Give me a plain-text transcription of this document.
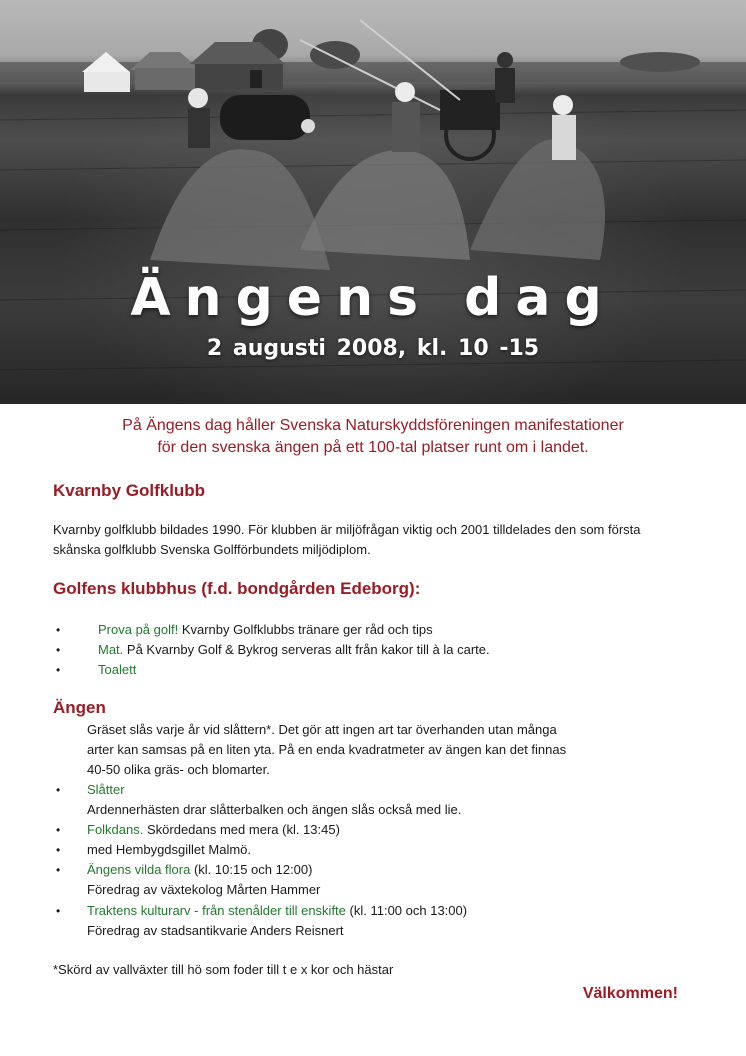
Ängens dag
2 augusti 2008, kl. 10 -15
På Ängens dag håller Svenska Naturskyddsföreningen manifestationer
för den svenska ängen på ett 100-tal platser runt om i landet.
Kvarnby Golfklubb
Kvarnby golfklubb bildades 1990. För klubben är miljöfrågan viktig och 2001 tilldelades den som första
skånska golfklubb Svenska Golfförbundets miljödiplom.
Golfens klubbhus (f.d. bondgården Edeborg):
•	Prova på golf! Kvarnby Golfklubbs tränare ger råd och tips
•	Mat. På Kvarnby Golf & Bykrog serveras allt från kakor till à la carte.
•	Toalett
Ängen
Gräset slås varje år vid slåttern*. Det gör att ingen art tar överhanden utan många
arter kan samsas på en liten yta. På en enda kvadratmeter av ängen kan det finnas
40-50 olika gräs- och blomarter.
• Slåtter
Ardennerhästen drar slåtterbalken och ängen slås också med lie.
• Folkdans. Skördedans med mera (kl. 13:45)
• med Hembygdsgillet Malmö.
• Ängens vilda flora (kl. 10:15 och 12:00)
Föredrag av växtekolog Mårten Hammer
• Traktens kulturarv - från stenålder till enskifte (kl. 11:00 och 13:00)
Föredrag av stadsantikvarie Anders Reisnert
*Skörd av vallväxter till hö som foder till t e x kor och hästar
Välkommen!
